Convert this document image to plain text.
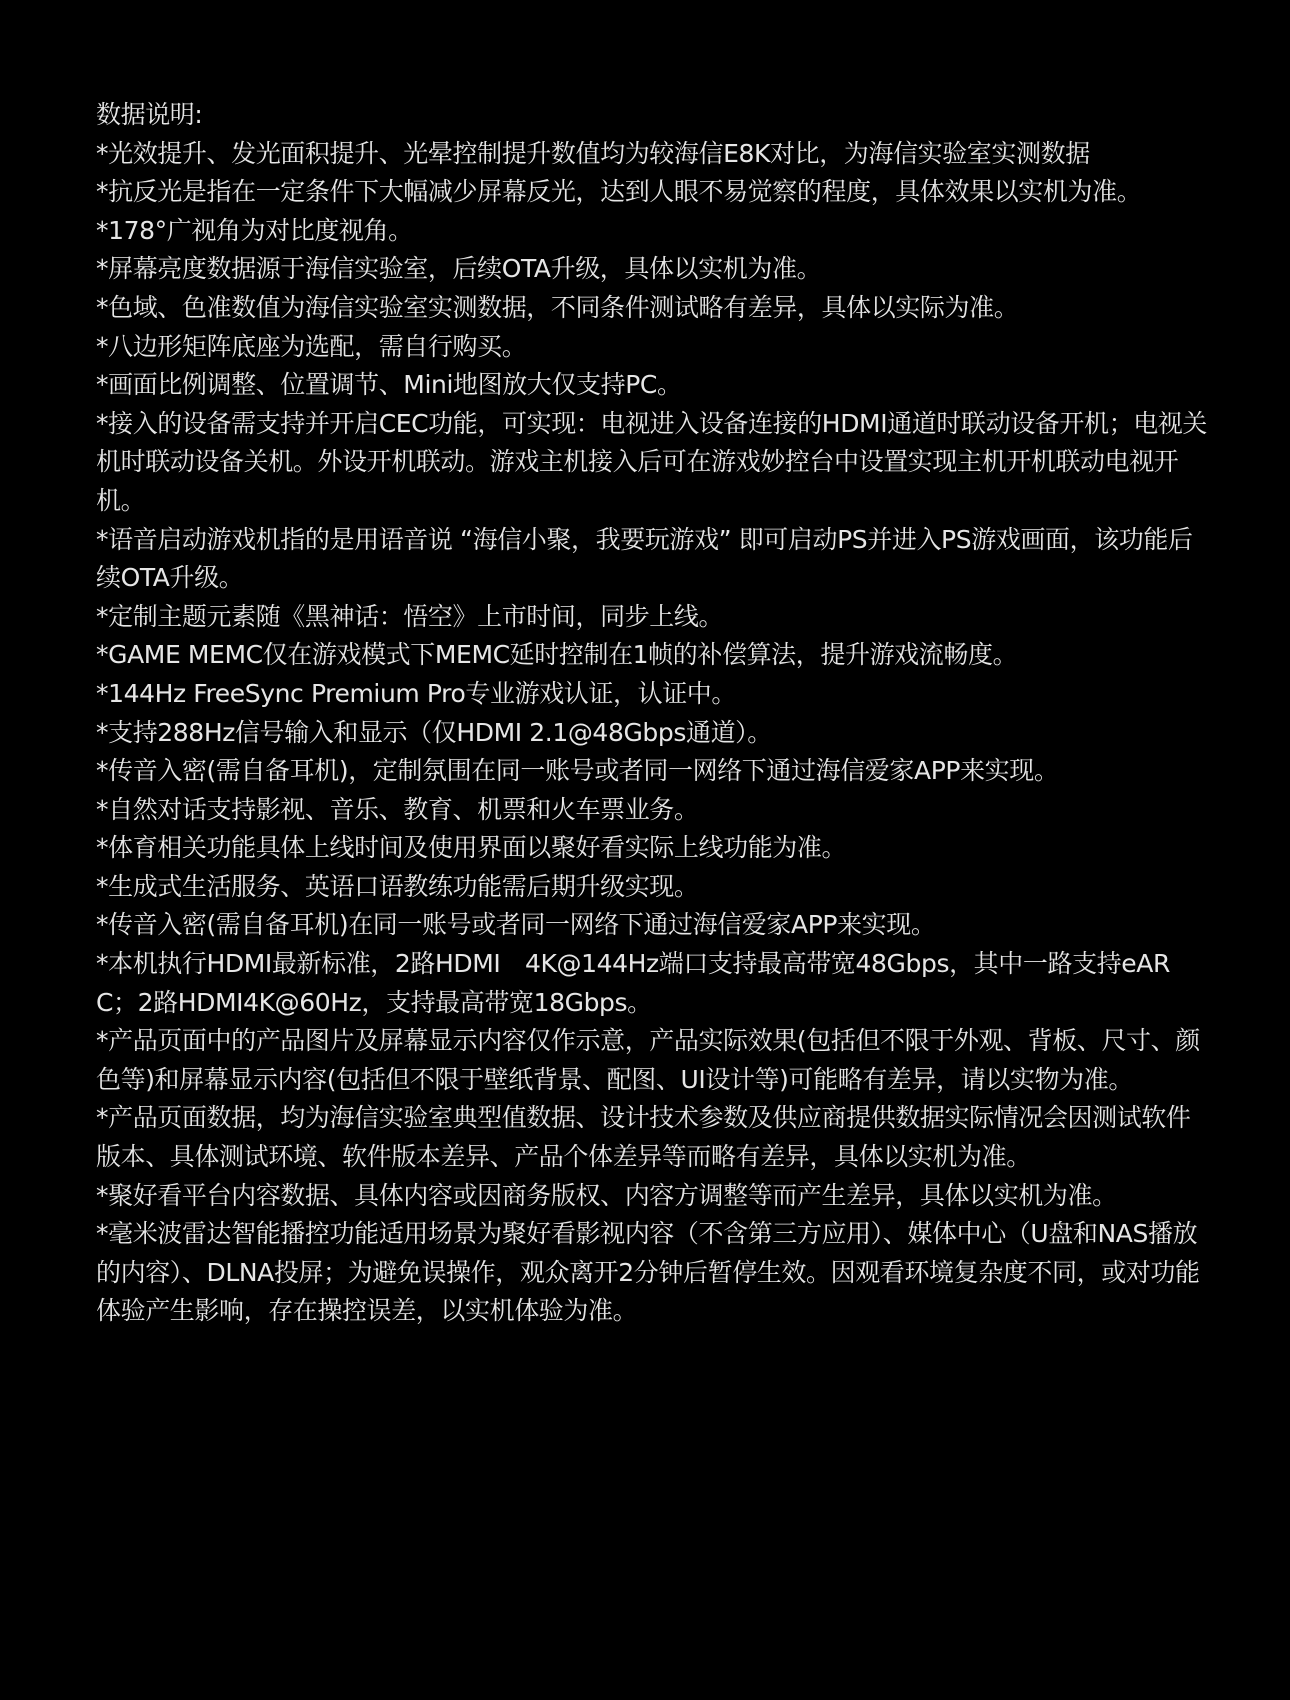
数据说明:
*光效提升、发光面积提升、光晕控制提升数值均为较海信E8K对比，为海信实验室实测数据
*抗反光是指在一定条件下大幅减少屏幕反光，达到人眼不易觉察的程度，具体效果以实机为准。
*178°广视角为对比度视角。
*屏幕亮度数据源于海信实验室，后续OTA升级，具体以实机为准。
*色域、色准数值为海信实验室实测数据，不同条件测试略有差异，具体以实际为准。
*八边形矩阵底座为选配，需自行购买。
*画面比例调整、位置调节、Mini地图放大仅支持PC。
*接入的设备需支持并开启CEC功能，可实现：电视进入设备连接的HDMI通道时联动设备开机；电视关机时联动设备关机。外设开机联动。游戏主机接入后可在游戏妙控台中设置实现主机开机联动电视开机。
*语音启动游戏机指的是用语音说 “海信小聚，我要玩游戏” 即可启动PS并进入PS游戏画面，该功能后续OTA升级。
*定制主题元素随《黑神话：悟空》上市时间，同步上线。
*GAME MEMC仅在游戏模式下MEMC延时控制在1帧的补偿算法，提升游戏流畅度。
*144Hz FreeSync Premium Pro专业游戏认证，认证中。
*支持288Hz信号输入和显示（仅HDMI 2.1@48Gbps通道）。
*传音入密(需自备耳机)，定制氛围在同一账号或者同一网络下通过海信爱家APP来实现。
*自然对话支持影视、音乐、教育、机票和火车票业务。
*体育相关功能具体上线时间及使用界面以聚好看实际上线功能为准。
*生成式生活服务、英语口语教练功能需后期升级实现。
*传音入密(需自备耳机)在同一账号或者同一网络下通过海信爱家APP来实现。
*本机执行HDMI最新标准，2路HDMI　4K@144Hz端口支持最高带宽48Gbps，其中一路支持eARC；2路HDMI4K@60Hz，支持最高带宽18Gbps。
*产品页面中的产品图片及屏幕显示内容仅作示意，产品实际效果(包括但不限于外观、背板、尺寸、颜色等)和屏幕显示内容(包括但不限于壁纸背景、配图、UI设计等)可能略有差异，请以实物为准。
*产品页面数据，均为海信实验室典型值数据、设计技术参数及供应商提供数据实际情况会因测试软件版本、具体测试环境、软件版本差异、产品个体差异等而略有差异，具体以实机为准。
*聚好看平台内容数据、具体内容或因商务版权、内容方调整等而产生差异，具体以实机为准。
*毫米波雷达智能播控功能适用场景为聚好看影视内容（不含第三方应用）、媒体中心（U盘和NAS播放的内容）、DLNA投屏；为避免误操作，观众离开2分钟后暂停生效。因观看环境复杂度不同，或对功能体验产生影响，存在操控误差，以实机体验为准。
